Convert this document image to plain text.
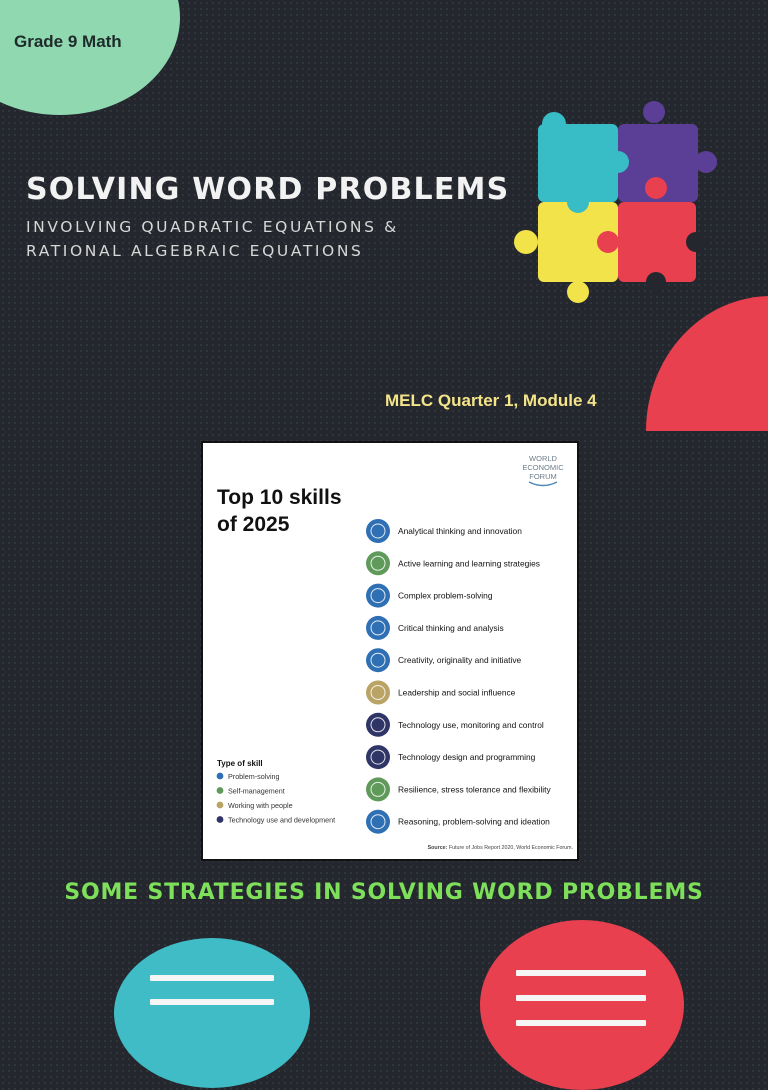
Grade 9 Math
SOLVING WORD PROBLEMS
INVOLVING QUADRATIC EQUATIONS &
RATIONAL ALGEBRAIC EQUATIONS
MELC Quarter 1, Module 4
WORLD
ECONOMIC
FORUM
Top 10 skills
of 2025	Analytical thinking and innovation
Active learning and learning strategies
Complex problem-solving
Critical thinking and analysis
Creativity, originality and initiative
Leadership and social influence
Technology use, monitoring and control
Technology design and programming
Resilience, stress tolerance and flexibility
Reasoning, problem-solving and ideation
Type of skill
Problem-solving
Self-management
Working with people
Technology use and development
Source: Future of Jobs Report 2020, World Economic Forum.
SOME STRATEGIES IN SOLVING WORD PROBLEMS
